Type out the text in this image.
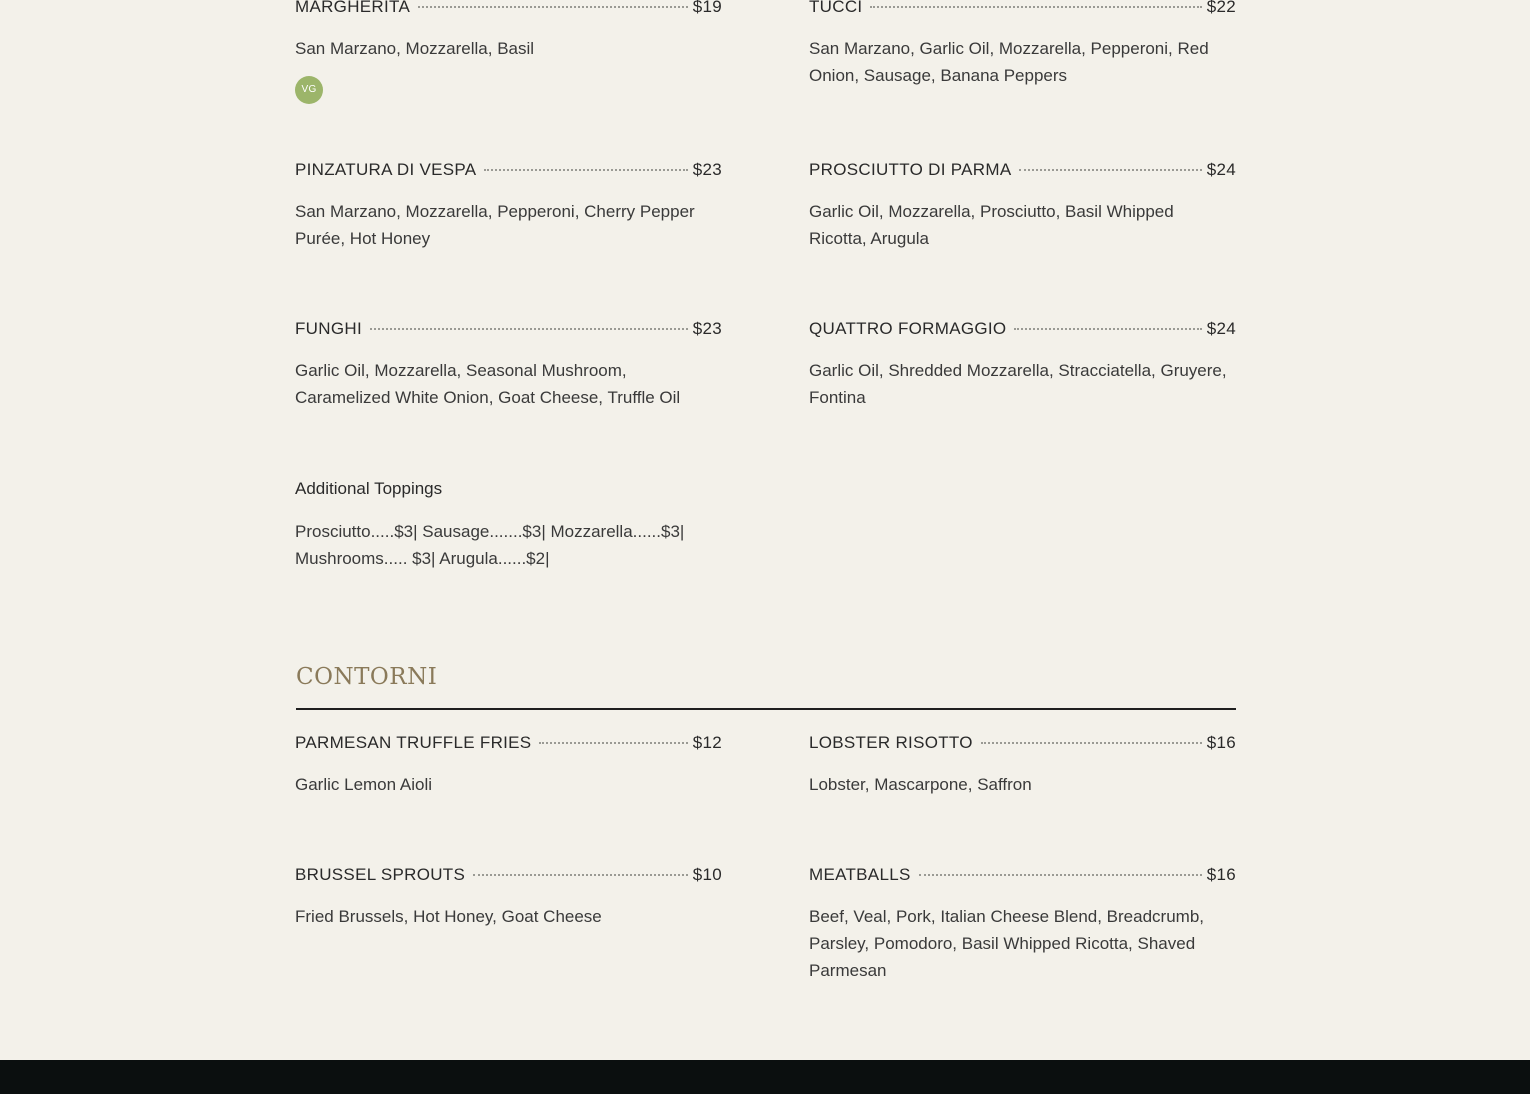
MARGHERITA	$19
San Marzano, Mozzarella, Basil
VG
TUCCI	$22
San Marzano, Garlic Oil, Mozzarella, Pepperoni, Red Onion, Sausage, Banana Peppers
PINZATURA DI VESPA	$23
San Marzano, Mozzarella, Pepperoni, Cherry Pepper Purée, Hot Honey
PROSCIUTTO DI PARMA	$24
Garlic Oil, Mozzarella, Prosciutto, Basil Whipped Ricotta, Arugula
FUNGHI	$23
Garlic Oil, Mozzarella, Seasonal Mushroom, Caramelized White Onion, Goat Cheese, Truffle Oil
QUATTRO FORMAGGIO	$24
Garlic Oil, Shredded Mozzarella, Stracciatella, Gruyere, Fontina
Additional Toppings
Prosciutto.....$3| Sausage.......$3| Mozzarella......$3| Mushrooms..... $3| Arugula......$2|
CONTORNI
PARMESAN TRUFFLE FRIES	$12
Garlic Lemon Aioli
LOBSTER RISOTTO	$16
Lobster, Mascarpone, Saffron
BRUSSEL SPROUTS	$10
Fried Brussels, Hot Honey, Goat Cheese
MEATBALLS	$16
Beef, Veal, Pork, Italian Cheese Blend, Breadcrumb, Parsley, Pomodoro, Basil Whipped Ricotta, Shaved Parmesan
